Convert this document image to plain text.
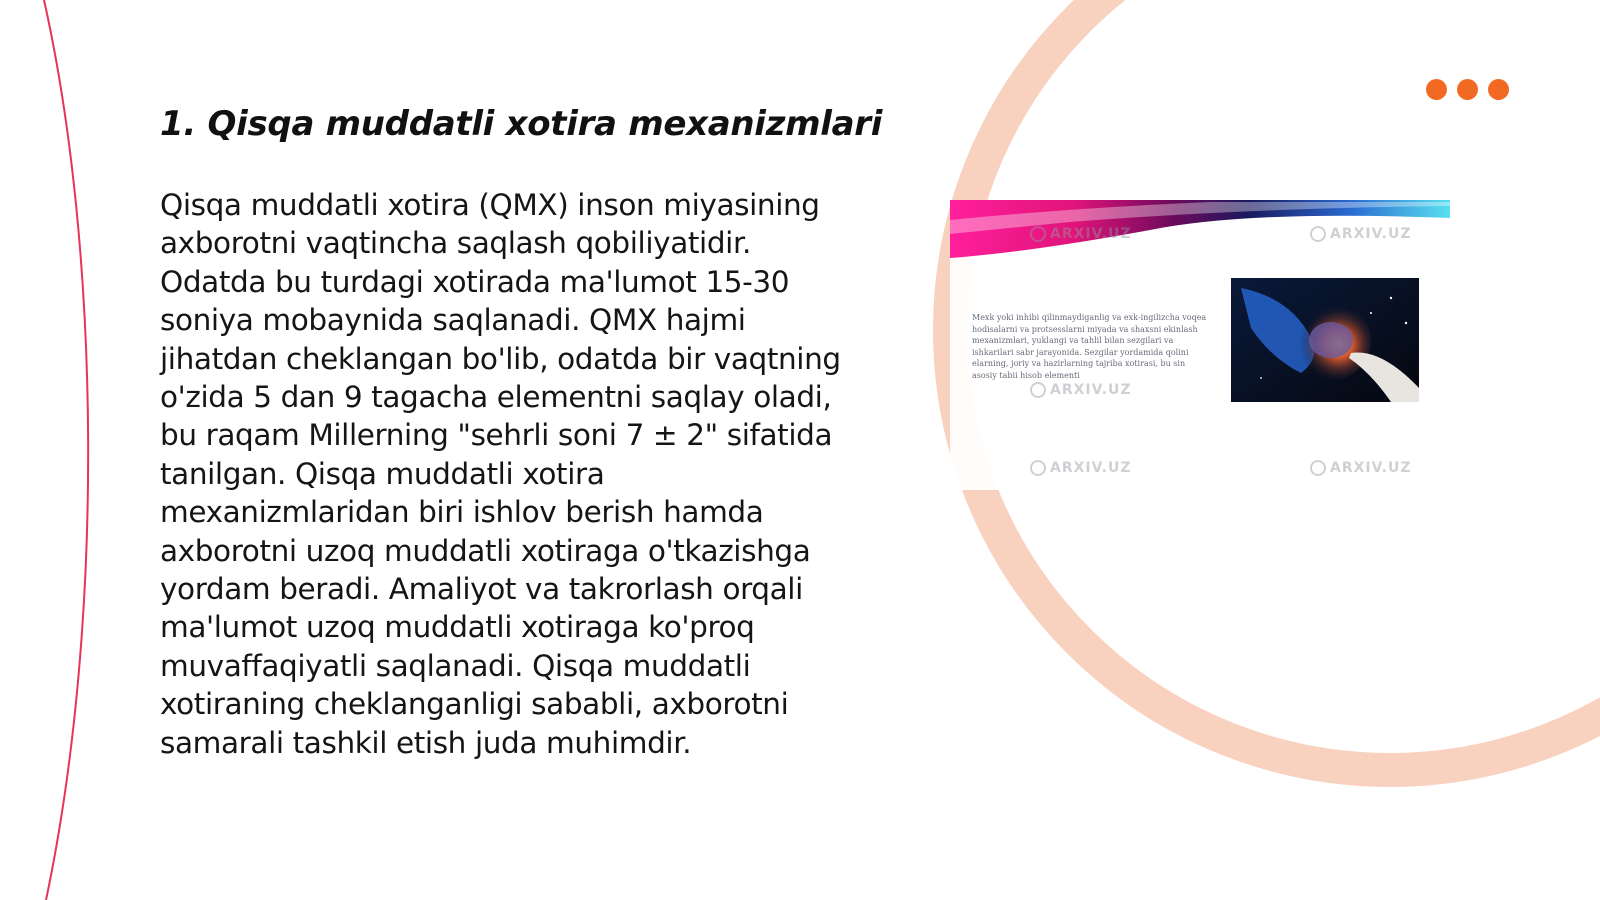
1. Qisqa muddatli xotira mexanizmlari

Qisqa muddatli xotira (QMX) inson miyasining axborotni vaqtincha saqlash qobiliyatidir. Odatda bu turdagi xotirada ma'lumot 15-30 soniya mobaynida saqlanadi. QMX hajmi jihatdan cheklangan bo'lib, odatda bir vaqtning o'zida 5 dan 9 tagacha elementni saqlay oladi, bu raqam Millerning "sehrli soni 7 ± 2" sifatida tanilgan. Qisqa muddatli xotira mexanizmlaridan biri ishlov berish hamda axborotni uzoq muddatli xotiraga o'tkazishga yordam beradi. Amaliyot va takrorlash orqali ma'lumot uzoq muddatli xotiraga ko'proq muvaffaqiyatli saqlanadi. Qisqa muddatli xotiraning cheklanganligi sababli, axborotni samarali tashkil etish juda muhimdir.

Mexk yoki inhibi qilinmaydiganlig va exk-ingilizcha voqea hodisalarni va protsesslarni miyada va shaxsni ekinlash mexanizmlari, yuklangi va tahlil bilan sezgilari va ishkarilari sabr jarayonida. Sezgilar yordamida qolini elarning, joriy va hazirlarning tajriba xotirasi, bu sin asosiy tabii hisob elementi

ARXIV.UZ	ARXIV.UZ
ARXIV.UZ
ARXIV.UZ	ARXIV.UZ
